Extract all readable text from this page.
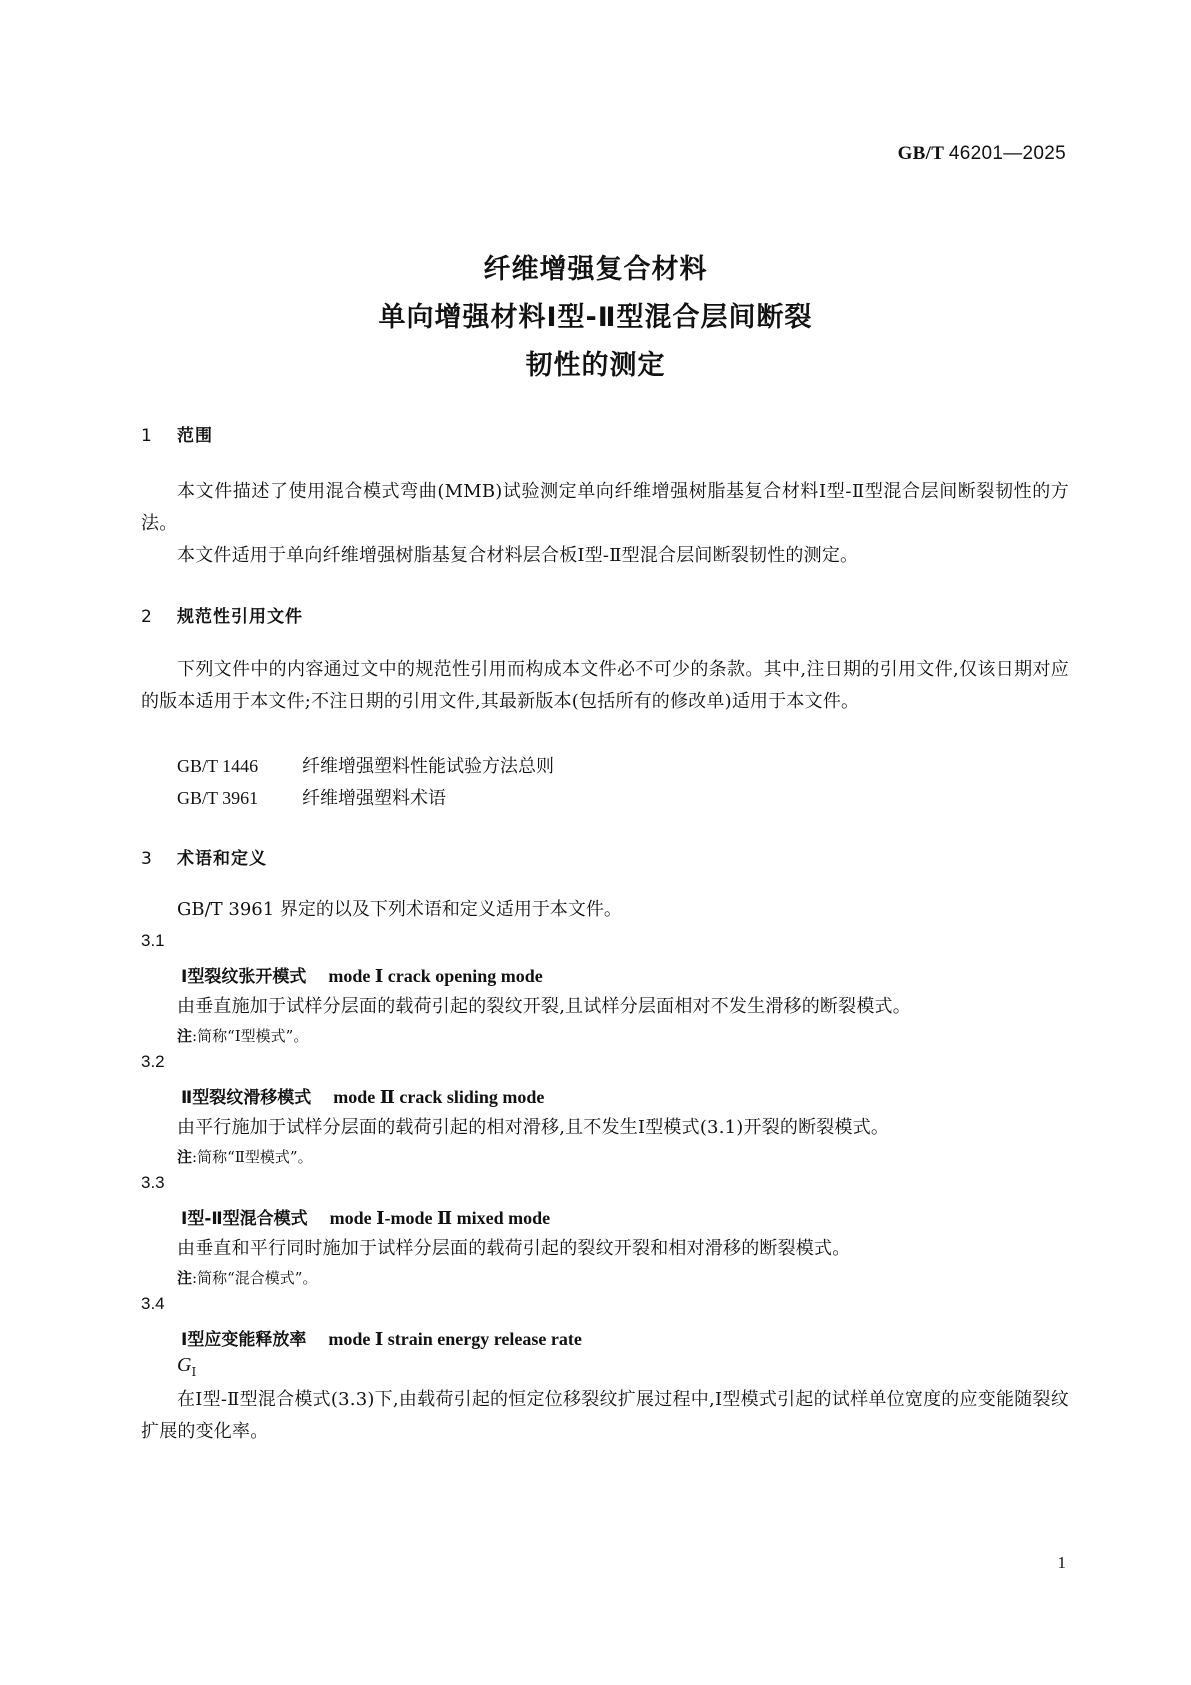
GB/T 46201—2025
纤维增强复合材料
单向增强材料Ⅰ型-Ⅱ型混合层间断裂
韧性的测定
1 范围
本文件描述了使用混合模式弯曲(MMB)试验测定单向纤维增强树脂基复合材料Ⅰ型-Ⅱ型混合层间断裂韧性的方法。
本文件适用于单向纤维增强树脂基复合材料层合板Ⅰ型-Ⅱ型混合层间断裂韧性的测定。
2 规范性引用文件
下列文件中的内容通过文中的规范性引用而构成本文件必不可少的条款。其中,注日期的引用文件,仅该日期对应的版本适用于本文件;不注日期的引用文件,其最新版本(包括所有的修改单)适用于本文件。
GB/T 1446 纤维增强塑料性能试验方法总则
GB/T 3961 纤维增强塑料术语
3 术语和定义
GB/T 3961 界定的以及下列术语和定义适用于本文件。
3.1
Ⅰ型裂纹张开模式 mode Ⅰ crack opening mode
由垂直施加于试样分层面的载荷引起的裂纹开裂,且试样分层面相对不发生滑移的断裂模式。
注:简称“Ⅰ型模式”。
3.2
Ⅱ型裂纹滑移模式 mode Ⅱ crack sliding mode
由平行施加于试样分层面的载荷引起的相对滑移,且不发生Ⅰ型模式(3.1)开裂的断裂模式。
注:简称“Ⅱ型模式”。
3.3
Ⅰ型-Ⅱ型混合模式 mode Ⅰ-mode Ⅱ mixed mode
由垂直和平行同时施加于试样分层面的载荷引起的裂纹开裂和相对滑移的断裂模式。
注:简称“混合模式”。
3.4
Ⅰ型应变能释放率 mode Ⅰ strain energy release rate
$G_Ⅰ$
在Ⅰ型-Ⅱ型混合模式(3.3)下,由载荷引起的恒定位移裂纹扩展过程中,Ⅰ型模式引起的试样单位宽度的应变能随裂纹扩展的变化率。
1
